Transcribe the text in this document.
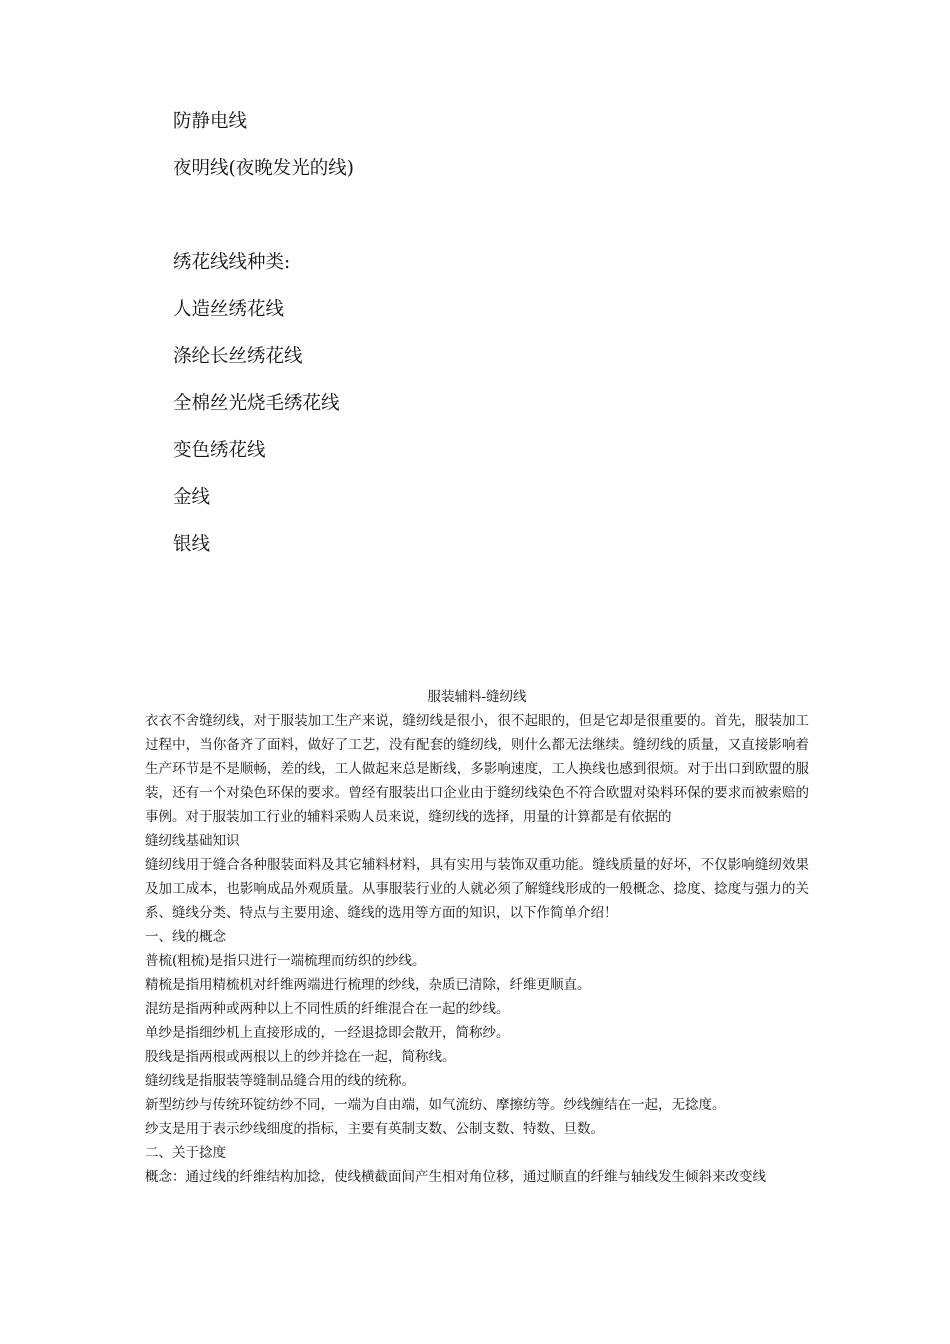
防静电线
夜明线(夜晚发光的线)
绣花线线种类:
人造丝绣花线
涤纶长丝绣花线
全棉丝光烧毛绣花线
变色绣花线
金线
银线

服装辅料-缝纫线

衣衣不舍缝纫线，对于服装加工生产来说，缝纫线是很小，很不起眼的，但是它却是很重要的。首先，服装加工过程中，当你备齐了面料，做好了工艺，没有配套的缝纫线，则什么都无法继续。缝纫线的质量，又直接影响着生产环节是不是顺畅，差的线，工人做起来总是断线，多影响速度，工人换线也感到很烦。对于出口到欧盟的服装，还有一个对染色环保的要求。曾经有服装出口企业由于缝纫线染色不符合欧盟对染料环保的要求而被索赔的事例。对于服装加工行业的辅料采购人员来说，缝纫线的选择，用量的计算都是有依据的

缝纫线基础知识

缝纫线用于缝合各种服装面料及其它辅料材料，具有实用与装饰双重功能。缝线质量的好坏，不仅影响缝纫效果及加工成本，也影响成品外观质量。从事服装行业的人就必须了解缝线形成的一般概念、捻度、捻度与强力的关系、缝线分类、特点与主要用途、缝线的选用等方面的知识，以下作简单介绍！

一、线的概念

普梳(粗梳)是指只进行一端梳理而纺织的纱线。

精梳是指用精梳机对纤维两端进行梳理的纱线，杂质已清除，纤维更顺直。

混纺是指两种或两种以上不同性质的纤维混合在一起的纱线。

单纱是指细纱机上直接形成的，一经退捻即会散开，简称纱。

股线是指两根或两根以上的纱并捻在一起，简称线。

缝纫线是指服装等缝制品缝合用的线的统称。

新型纺纱与传统环锭纺纱不同，一端为自由端，如气流纺、摩擦纺等。纱线缠结在一起，无捻度。

纱支是用于表示纱线细度的指标，主要有英制支数、公制支数、特数、旦数。

二、关于捻度

概念：通过线的纤维结构加捻，使线横截面间产生相对角位移，通过顺直的纤维与轴线发生倾斜来改变线
